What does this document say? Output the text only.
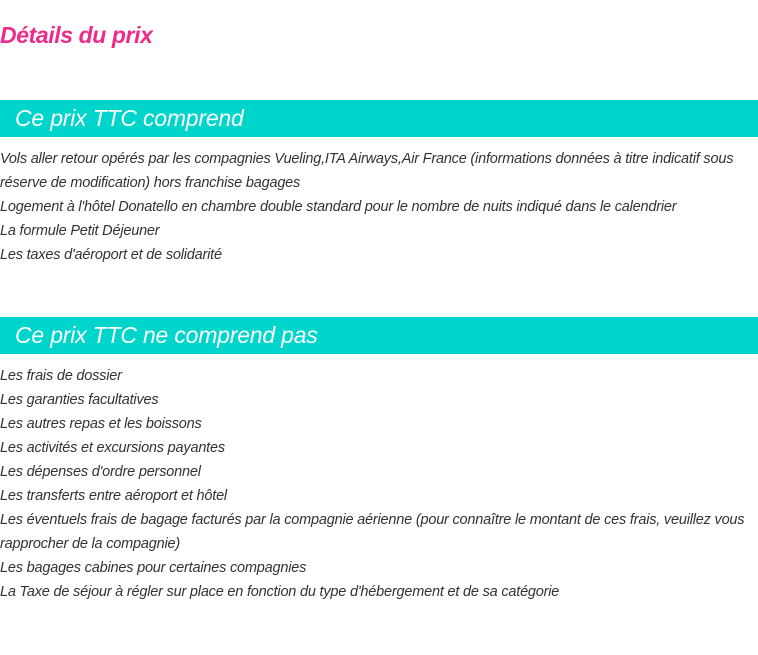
Détails du prix
Ce prix TTC comprend
Vols aller retour opérés par les compagnies Vueling,ITA Airways,Air France (informations données à titre indicatif sous réserve de modification) hors franchise bagages
Logement à l'hôtel Donatello en chambre double standard pour le nombre de nuits indiqué dans le calendrier
La formule Petit Déjeuner
Les taxes d'aéroport et de solidarité
Ce prix TTC ne comprend pas
Les frais de dossier
Les garanties facultatives
Les autres repas et les boissons
Les activités et excursions payantes
Les dépenses d'ordre personnel
Les transferts entre aéroport et hôtel
Les éventuels frais de bagage facturés par la compagnie aérienne (pour connaître le montant de ces frais, veuillez vous rapprocher de la compagnie)
Les bagages cabines pour certaines compagnies
La Taxe de séjour à régler sur place en fonction du type d'hébergement et de sa catégorie
